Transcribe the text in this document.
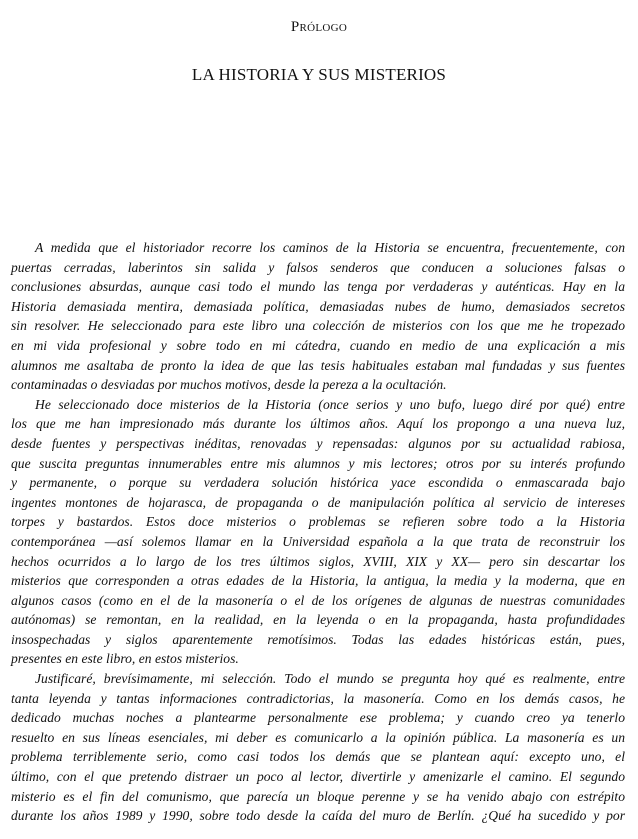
PRÓLOGO
LA HISTORIA Y SUS MISTERIOS

A medida que el historiador recorre los caminos de la Historia se encuentra, frecuentemente, con

puertas cerradas, laberintos sin salida y falsos senderos que conducen a soluciones falsas o

conclusiones absurdas, aunque casi todo el mundo las tenga por verdaderas y auténticas. Hay en la

Historia demasiada mentira, demasiada política, demasiadas nubes de humo, demasiados secretos

sin resolver. He seleccionado para este libro una colección de misterios con los que me he tropezado

en mi vida profesional y sobre todo en mi cátedra, cuando en medio de una explicación a mis

alumnos me asaltaba de pronto la idea de que las tesis habituales estaban mal fundadas y sus fuentes

contaminadas o desviadas por muchos motivos, desde la pereza a la ocultación.

He seleccionado doce misterios de la Historia (once serios y uno bufo, luego diré por qué) entre

los que me han impresionado más durante los últimos años. Aquí los propongo a una nueva luz,

desde fuentes y perspectivas inéditas, renovadas y repensadas: algunos por su actualidad rabiosa,

que suscita preguntas innumerables entre mis alumnos y mis lectores; otros por su interés profundo

y permanente, o porque su verdadera solución histórica yace escondida o enmascarada bajo

ingentes montones de hojarasca, de propaganda o de manipulación política al servicio de intereses

torpes y bastardos. Estos doce misterios o problemas se refieren sobre todo a la Historia

contemporánea —así solemos llamar en la Universidad española a la que trata de reconstruir los

hechos ocurridos a lo largo de los tres últimos siglos, XVIII, XIX y XX— pero sin descartar los

misterios que corresponden a otras edades de la Historia, la antigua, la media y la moderna, que en

algunos casos (como en el de la masonería o el de los orígenes de algunas de nuestras comunidades

autónomas) se remontan, en la realidad, en la leyenda o en la propaganda, hasta profundidades

insospechadas y siglos aparentemente remotísimos. Todas las edades históricas están, pues,

presentes en este libro, en estos misterios.

Justificaré, brevísimamente, mi selección. Todo el mundo se pregunta hoy qué es realmente, entre

tanta leyenda y tantas informaciones contradictorias, la masonería. Como en los demás casos, he

dedicado muchas noches a plantearme personalmente ese problema; y cuando creo ya tenerlo

resuelto en sus líneas esenciales, mi deber es comunicarlo a la opinión pública. La masonería es un

problema terriblemente serio, como casi todos los demás que se plantean aquí: excepto uno, el

último, con el que pretendo distraer un poco al lector, divertirle y amenizarle el camino. El segundo

misterio es el fin del comunismo, que parecía un bloque perenne y se ha venido abajo con estrépito

durante los años 1989 y 1990, sobre todo desde la caída del muro de Berlín. ¿Qué ha sucedido y por
